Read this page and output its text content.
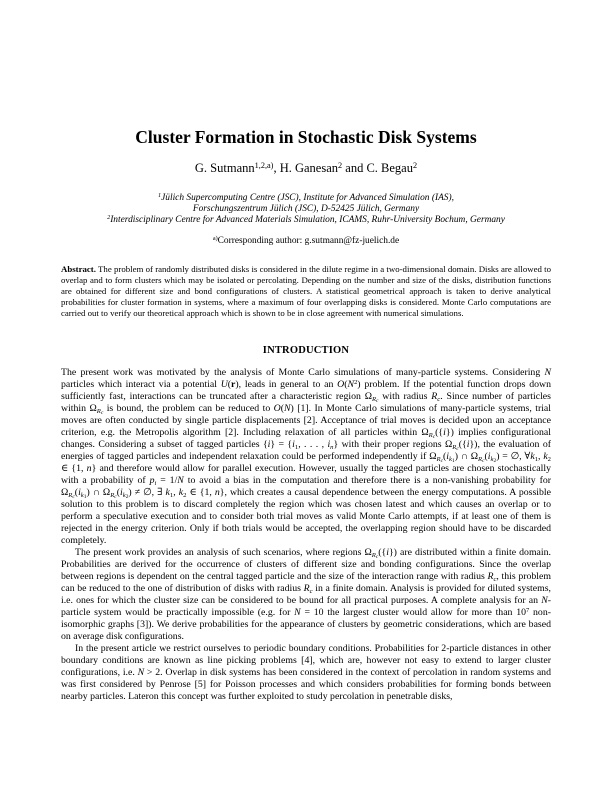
Cluster Formation in Stochastic Disk Systems
G. Sutmann$^{1,2,a)}$, H. Ganesan$^2$ and C. Begau$^2$
$^1$Jülich Supercomputing Centre (JSC), Institute for Advanced Simulation (IAS),
Forschungszentrum Jülich (JSC), D-52425 Jülich, Germany
$^2$Interdisciplinary Centre for Advanced Materials Simulation, ICAMS, Ruhr-University Bochum, Germany
$^{a)}$Corresponding author: g.sutmann@fz-juelich.de
Abstract. The problem of randomly distributed disks is considered in the dilute regime in a two-dimensional domain. Disks are allowed to overlap and to form clusters which may be isolated or percolating. Depending on the number and size of the disks, distribution functions are obtained for different size and bond configurations of clusters. A statistical geometrical approach is taken to derive analytical probabilities for cluster formation in systems, where a maximum of four overlapping disks is considered. Monte Carlo computations are carried out to verify our theoretical approach which is shown to be in close agreement with numerical simulations.
INTRODUCTION

The present work was motivated by the analysis of Monte Carlo simulations of many-particle systems. Considering N particles which interact via a potential U(r), leads in general to an $O(N^2)$ problem. If the potential function drops down sufficiently fast, interactions can be truncated after a characteristic region $\Omega R_c$ with radius Rc. Since number of particles within $\Omega R_c$ is bound, the problem can be reduced to O(N) [1]. In Monte Carlo simulations of many-particle systems, trial moves are often conducted by single particle displacements [2]. Acceptance of trial moves is decided upon an acceptance criterion, e.g. the Metropolis algorithm [2]. Including relaxation of all particles within $\Omega R_c(\{i\})$ implies configurational changes. Considering a subset of tagged particles {i} = {i1, . . . , in} with their proper regions $\Omega R_c(\{i\})$, the evaluation of energies of tagged particles and independent relaxation could be performed independently if $\Omega R_c(ik_1)$ ∩ $\Omega R_c(ik_2)$ = ∅, ∀k1, k2 ∈ {1, n} and therefore would allow for parallel execution. However, usually the tagged particles are chosen stochastically with a probability of pi = 1/N to avoid a bias in the computation and therefore there is a non-vanishing probability for $\Omega R_c(ik_1)$ ∩ $\Omega R_c(ik_2)$ ≠ ∅, ∃ k1, k2 ∈ {1, n}, which creates a causal dependence between the energy computations. A possible solution to this problem is to discard completely the region which was chosen latest and which causes an overlap or to perform a speculative execution and to consider both trial moves as valid Monte Carlo attempts, if at least one of them is rejected in the energy criterion. Only if both trials would be accepted, the overlapping region should have to be discarded completely.

The present work provides an analysis of such scenarios, where regions $\Omega R_c(\{i\})$ are distributed within a finite domain. Probabilities are derived for the occurrence of clusters of different size and bonding configurations. Since the overlap between regions is dependent on the central tagged particle and the size of the interaction range with radius Rc, this problem can be reduced to the one of distribution of disks with radius Rc in a finite domain. Analysis is provided for diluted systems, i.e. ones for which the cluster size can be considered to be bound for all practical purposes. A complete analysis for an N-particle system would be practically impossible (e.g. for N = 10 the largest cluster would allow for more than $10^7$ non-isomorphic graphs [3]). We derive probabilities for the appearance of clusters by geometric considerations, which are based on average disk configurations.

In the present article we restrict ourselves to periodic boundary conditions. Probabilities for 2-particle distances in other boundary conditions are known as line picking problems [4], which are, however not easy to extend to larger cluster configurations, i.e. N > 2. Overlap in disk systems has been considered in the context of percolation in random systems and was first considered by Penrose [5] for Poisson processes and which considers probabilities for forming bonds between nearby particles. Lateron this concept was further exploited to study percolation in penetrable disks,
